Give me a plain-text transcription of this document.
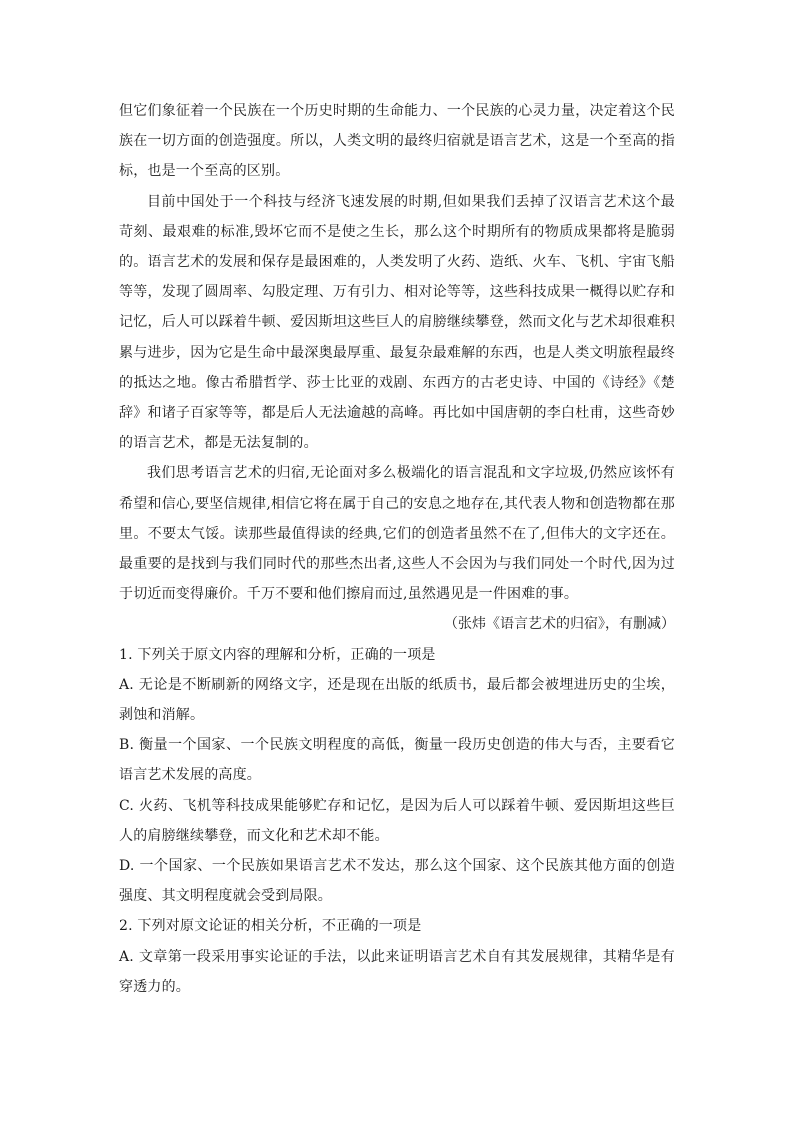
但它们象征着一个民族在一个历史时期的生命能力、一个民族的心灵力量，决定着这个民族在一切方面的创造强度。所以，人类文明的最终归宿就是语言艺术，这是一个至高的指标，也是一个至高的区别。

目前中国处于一个科技与经济飞速发展的时期,但如果我们丢掉了汉语言艺术这个最苛刻、最艰难的标准,毁坏它而不是使之生长，那么这个时期所有的物质成果都将是脆弱的。语言艺术的发展和保存是最困难的，人类发明了火药、造纸、火车、飞机、宇宙飞船等等，发现了圆周率、勾股定理、万有引力、相对论等等，这些科技成果一概得以贮存和记忆，后人可以踩着牛顿、爱因斯坦这些巨人的肩膀继续攀登，然而文化与艺术却很难积累与进步，因为它是生命中最深奥最厚重、最复杂最难解的东西，也是人类文明旅程最终的抵达之地。像古希腊哲学、莎士比亚的戏剧、东西方的古老史诗、中国的《诗经》《楚辞》和诸子百家等等，都是后人无法逾越的高峰。再比如中国唐朝的李白杜甫，这些奇妙的语言艺术，都是无法复制的。

我们思考语言艺术的归宿,无论面对多么极端化的语言混乱和文字垃圾,仍然应该怀有希望和信心,要坚信规律,相信它将在属于自己的安息之地存在,其代表人物和创造物都在那里。不要太气馁。读那些最值得读的经典,它们的创造者虽然不在了,但伟大的文字还在。最重要的是找到与我们同时代的那些杰出者,这些人不会因为与我们同处一个时代,因为过于切近而变得廉价。千万不要和他们擦肩而过,虽然遇见是一件困难的事。

（张炜《语言艺术的归宿》，有删减）

1. 下列关于原文内容的理解和分析，正确的一项是

A. 无论是不断刷新的网络文字，还是现在出版的纸质书，最后都会被埋进历史的尘埃，剥蚀和消解。

B. 衡量一个国家、一个民族文明程度的高低，衡量一段历史创造的伟大与否，主要看它语言艺术发展的高度。

C. 火药、飞机等科技成果能够贮存和记忆，是因为后人可以踩着牛顿、爱因斯坦这些巨人的肩膀继续攀登，而文化和艺术却不能。

D. 一个国家、一个民族如果语言艺术不发达，那么这个国家、这个民族其他方面的创造强度、其文明程度就会受到局限。

2. 下列对原文论证的相关分析，不正确的一项是

A. 文章第一段采用事实论证的手法，以此来证明语言艺术自有其发展规律，其精华是有穿透力的。
